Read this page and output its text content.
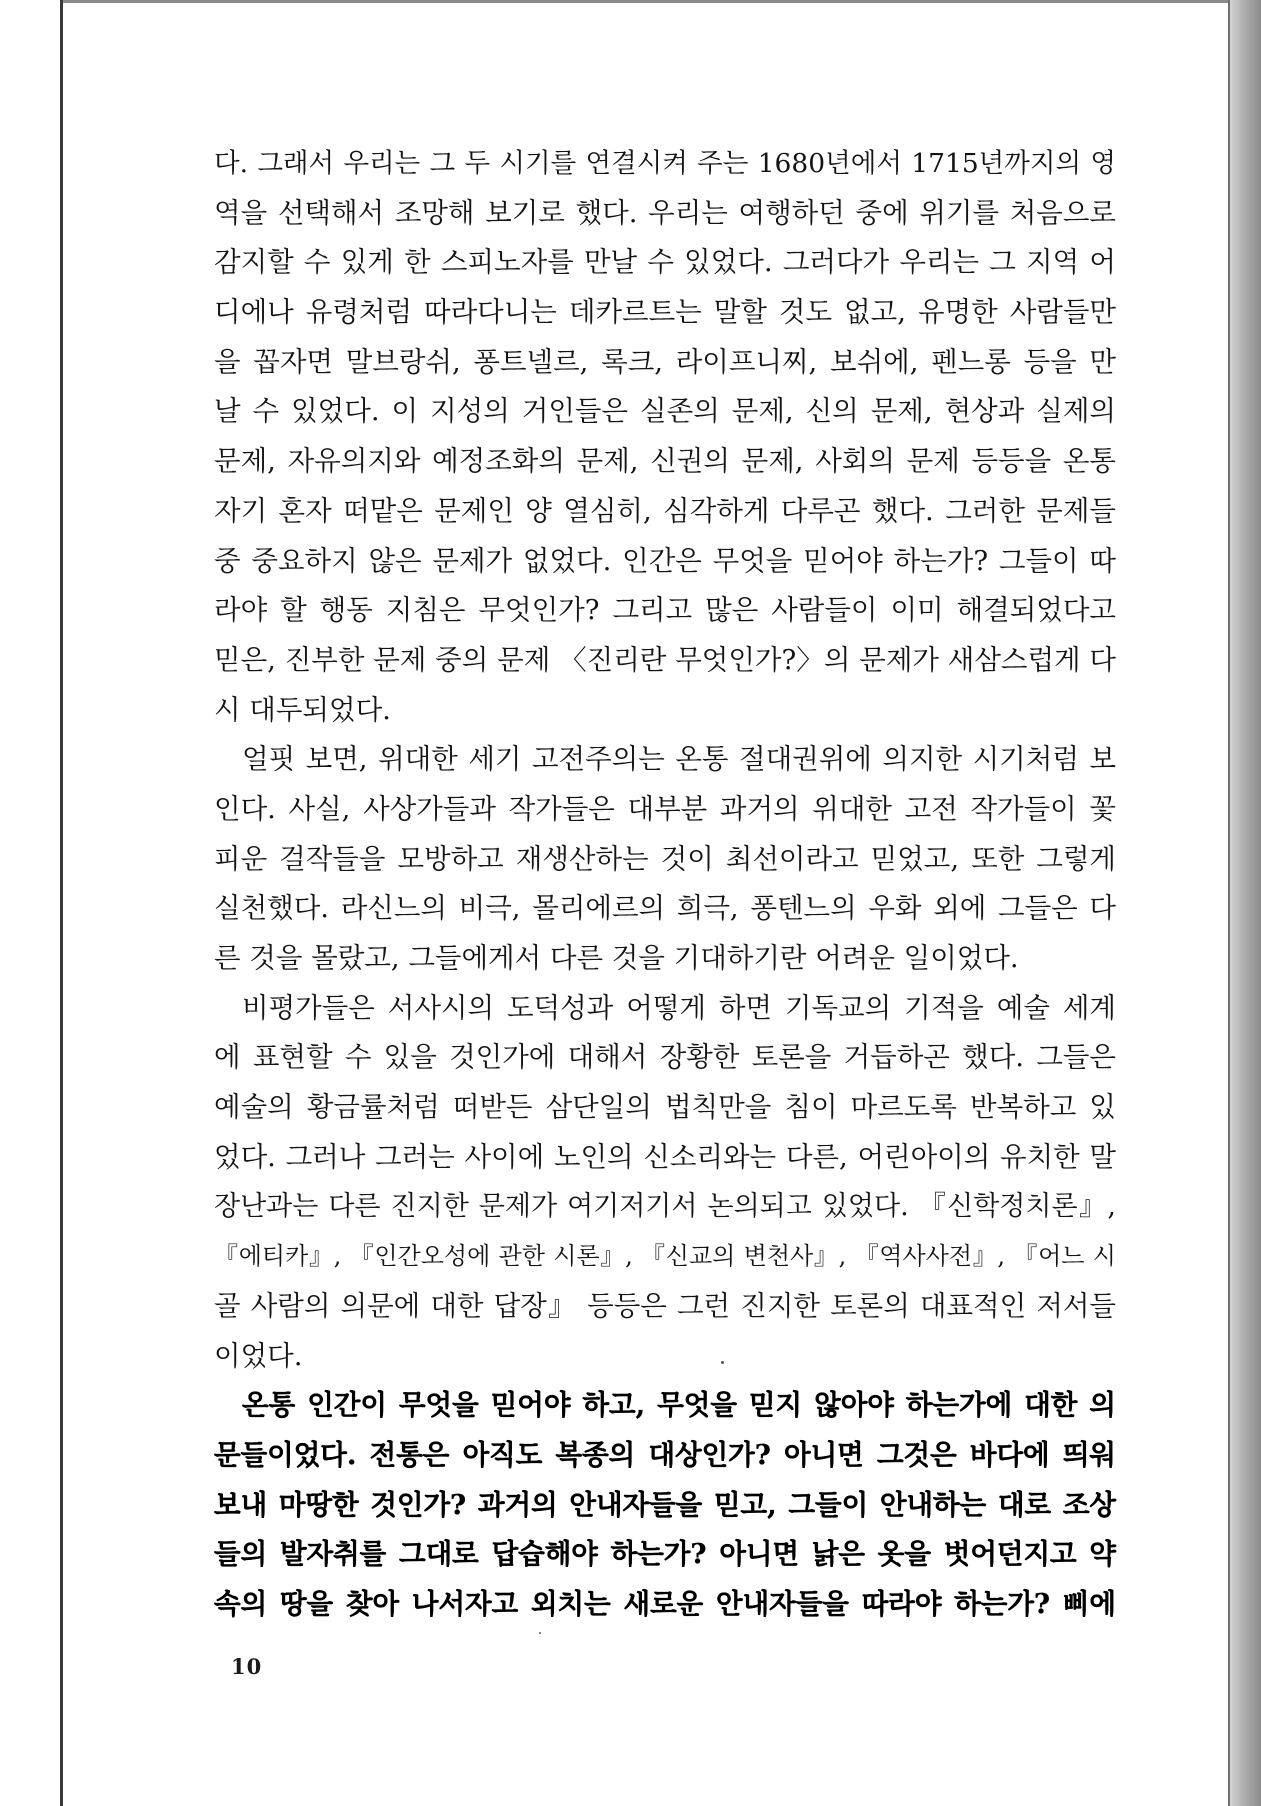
다. 그래서 우리는 그 두 시기를 연결시켜 주는 1680년에서 1715년까지의 영
역을 선택해서 조망해 보기로 했다. 우리는 여행하던 중에 위기를 처음으로
감지할 수 있게 한 스피노자를 만날 수 있었다. 그러다가 우리는 그 지역 어
디에나 유령처럼 따라다니는 데카르트는 말할 것도 없고, 유명한 사람들만
을 꼽자면 말브랑쉬, 퐁트넬르, 록크, 라이프니찌, 보쉬에, 펜느롱 등을 만
날 수 있었다. 이 지성의 거인들은 실존의 문제, 신의 문제, 현상과 실제의
문제, 자유의지와 예정조화의 문제, 신권의 문제, 사회의 문제 등등을 온통
자기 혼자 떠맡은 문제인 양 열심히, 심각하게 다루곤 했다. 그러한 문제들
중 중요하지 않은 문제가 없었다. 인간은 무엇을 믿어야 하는가? 그들이 따
라야 할 행동 지침은 무엇인가? 그리고 많은 사람들이 이미 해결되었다고
믿은, 진부한 문제 중의 문제 〈진리란 무엇인가?〉의 문제가 새삼스럽게 다
시 대두되었다.
얼핏 보면, 위대한 세기 고전주의는 온통 절대권위에 의지한 시기처럼 보
인다. 사실, 사상가들과 작가들은 대부분 과거의 위대한 고전 작가들이 꽃
피운 걸작들을 모방하고 재생산하는 것이 최선이라고 믿었고, 또한 그렇게
실천했다. 라신느의 비극, 몰리에르의 희극, 퐁텐느의 우화 외에 그들은 다
른 것을 몰랐고, 그들에게서 다른 것을 기대하기란 어려운 일이었다.
비평가들은 서사시의 도덕성과 어떻게 하면 기독교의 기적을 예술 세계
에 표현할 수 있을 것인가에 대해서 장황한 토론을 거듭하곤 했다. 그들은
예술의 황금률처럼 떠받든 삼단일의 법칙만을 침이 마르도록 반복하고 있
었다. 그러나 그러는 사이에 노인의 신소리와는 다른, 어린아이의 유치한 말
장난과는 다른 진지한 문제가 여기저기서 논의되고 있었다. 『신학정치론』,
『에티카』, 『인간오성에 관한 시론』, 『신교의 변천사』, 『역사사전』, 『어느 시
골 사람의 의문에 대한 답장』 등등은 그런 진지한 토론의 대표적인 저서들
이었다.
온통 인간이 무엇을 믿어야 하고, 무엇을 믿지 않아야 하는가에 대한 의
문들이었다. 전통은 아직도 복종의 대상인가? 아니면 그것은 바다에 띄워
보내 마땅한 것인가? 과거의 안내자들을 믿고, 그들이 안내하는 대로 조상
들의 발자취를 그대로 답습해야 하는가? 아니면 낡은 옷을 벗어던지고 약
속의 땅을 찾아 나서자고 외치는 새로운 안내자들을 따라야 하는가? 삐에
10
